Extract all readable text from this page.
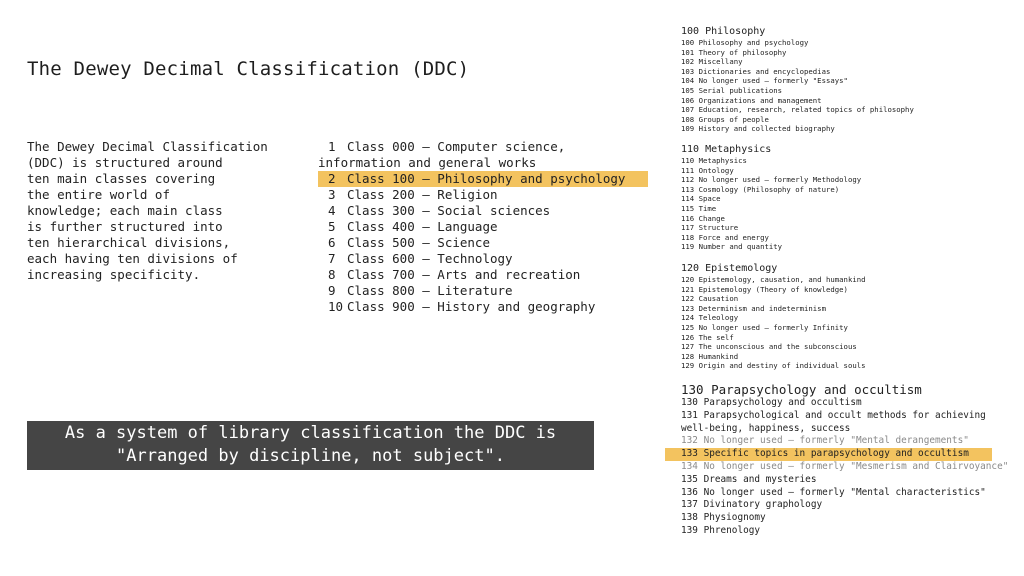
The Dewey Decimal Classification (DDC)
The Dewey Decimal Classification
(DDC) is structured around
ten main classes covering
the entire world of
knowledge; each main class
is further structured into
ten hierarchical divisions,
each having ten divisions of
increasing specificity.
1 Class 000 – Computer science,
information and general works
2 Class 100 – Philosophy and psychology
3 Class 200 – Religion
4 Class 300 – Social sciences
5 Class 400 – Language
6 Class 500 – Science
7 Class 600 – Technology
8 Class 700 – Arts and recreation
9 Class 800 – Literature
10 Class 900 – History and geography
As a system of library classification the DDC is
"Arranged by discipline, not subject".
100 Philosophy
100 Philosophy and psychology
101 Theory of philosophy
102 Miscellany
103 Dictionaries and encyclopedias
104 No longer used – formerly "Essays"
105 Serial publications
106 Organizations and management
107 Education, research, related topics of philosophy
108 Groups of people
109 History and collected biography
110 Metaphysics
110 Metaphysics
111 Ontology
112 No longer used – formerly Methodology
113 Cosmology (Philosophy of nature)
114 Space
115 Time
116 Change
117 Structure
118 Force and energy
119 Number and quantity
120 Epistemology
120 Epistemology, causation, and humankind
121 Epistemology (Theory of knowledge)
122 Causation
123 Determinism and indeterminism
124 Teleology
125 No longer used – formerly Infinity
126 The self
127 The unconscious and the subconscious
128 Humankind
129 Origin and destiny of individual souls
130 Parapsychology and occultism
130 Parapsychology and occultism
131 Parapsychological and occult methods for achieving well-being, happiness, success
132 No longer used – formerly "Mental derangements"
133 Specific topics in parapsychology and occultism
134 No longer used – formerly "Mesmerism and Clairvoyance"
135 Dreams and mysteries
136 No longer used – formerly "Mental characteristics"
137 Divinatory graphology
138 Physiognomy
139 Phrenology
